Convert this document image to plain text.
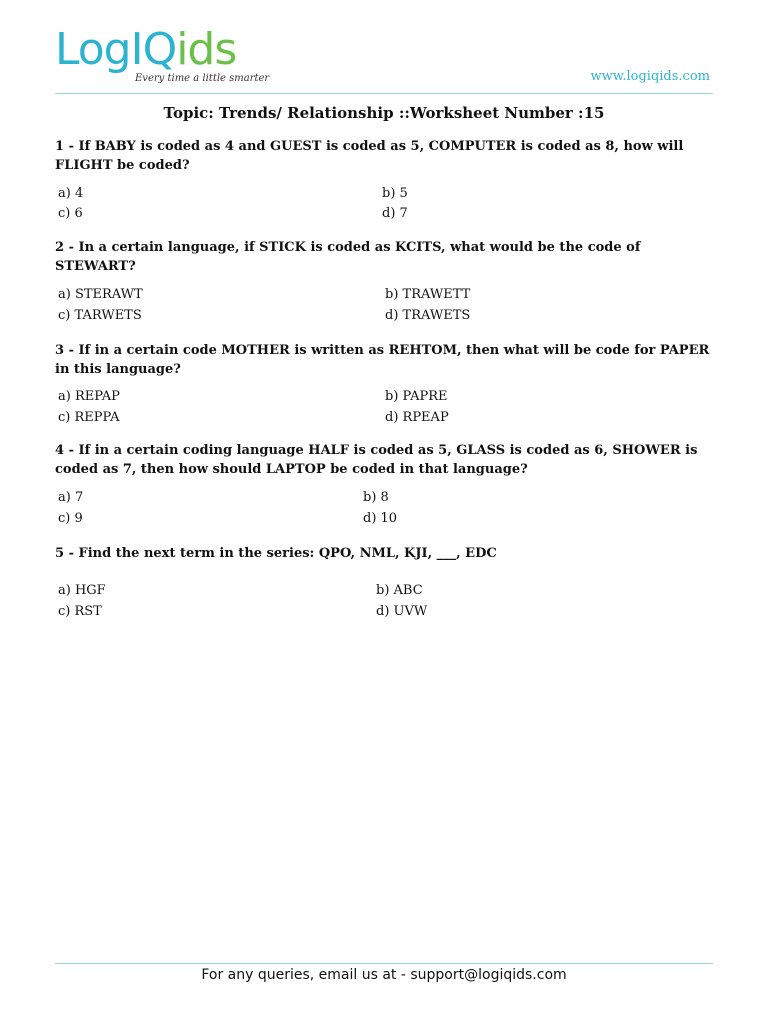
LogIQids
Every time a little smarter	www.logiqids.com
Topic: Trends/ Relationship ::Worksheet Number :15
1 - If BABY is coded as 4 and GUEST is coded as 5, COMPUTER is coded as 8, how will FLIGHT be coded?
a) 4	b) 5
c) 6	d) 7
2 - In a certain language, if STICK is coded as KCITS, what would be the code of STEWART?
a) STERAWT	b) TRAWETT
c) TARWETS	d) TRAWETS
3 - If in a certain code MOTHER is written as REHTOM, then what will be code for PAPER in this language?
a) REPAP	b) PAPRE
c) REPPA	d) RPEAP
4 - If in a certain coding language HALF is coded as 5, GLASS is coded as 6, SHOWER is coded as 7, then how should LAPTOP be coded in that language?
a) 7	b) 8
c) 9	d) 10
5 - Find the next term in the series: QPO, NML, KJI, ___, EDC
a) HGF	b) ABC
c) RST	d) UVW
For any queries, email us at - support@logiqids.com
